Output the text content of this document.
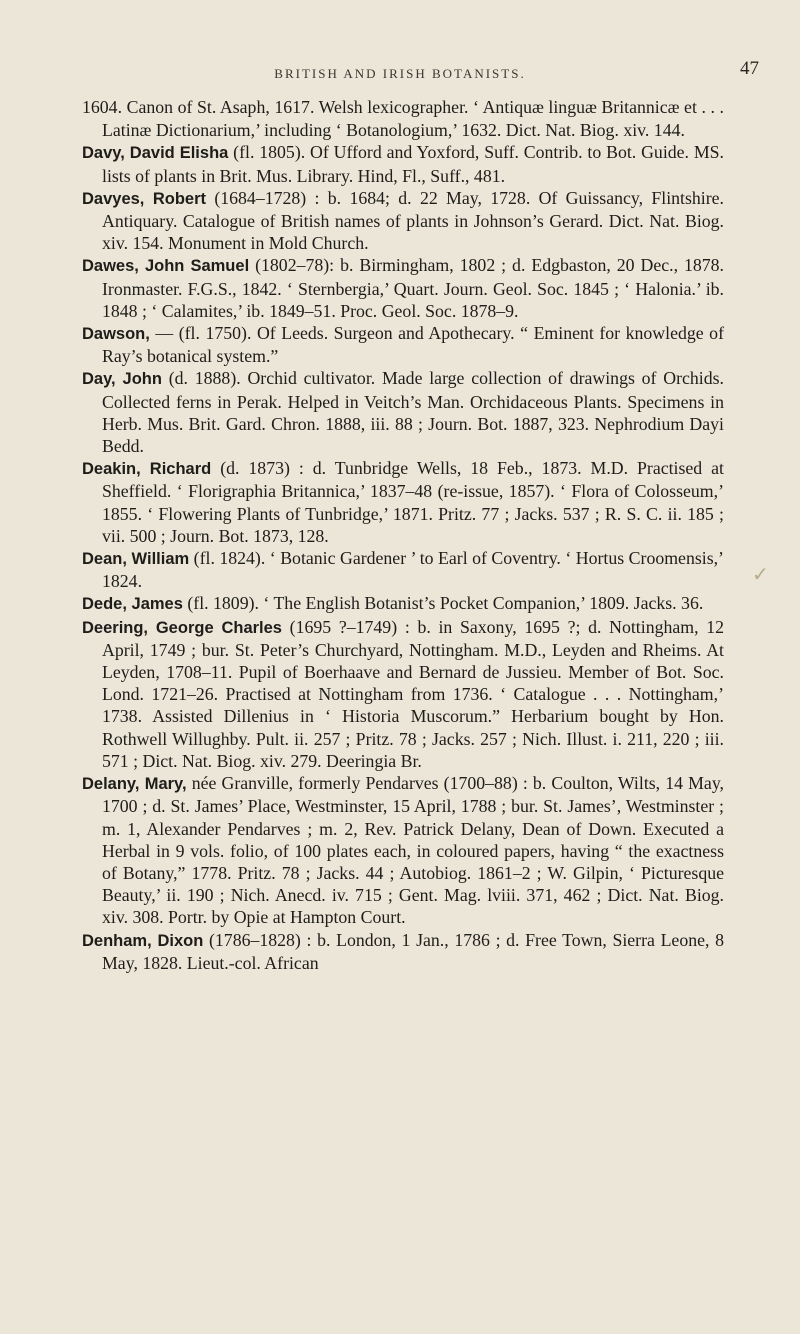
BRITISH AND IRISH BOTANISTS.	47
✓

1604. Canon of St. Asaph, 1617. Welsh lexicographer. ‘ Antiquæ linguæ Britannicæ et . . . Latinæ Dictionarium,’ including ‘ Botanologium,’ 1632. Dict. Nat. Biog. xiv. 144.

Davy, David Elisha (fl. 1805). Of Ufford and Yoxford, Suff. Contrib. to Bot. Guide. MS. lists of plants in Brit. Mus. Library. Hind, Fl., Suff., 481.

Davyes, Robert (1684–1728) : b. 1684; d. 22 May, 1728. Of Guissancy, Flintshire. Antiquary. Catalogue of British names of plants in Johnson’s Gerard. Dict. Nat. Biog. xiv. 154. Monument in Mold Church.

Dawes, John Samuel (1802–78): b. Birmingham, 1802 ; d. Edgbaston, 20 Dec., 1878. Ironmaster. F.G.S., 1842. ‘ Sternbergia,’ Quart. Journ. Geol. Soc. 1845 ; ‘ Halonia.’ ib. 1848 ; ‘ Calamites,’ ib. 1849–51. Proc. Geol. Soc. 1878–9.

Dawson, — (fl. 1750). Of Leeds. Surgeon and Apothecary. “ Eminent for knowledge of Ray’s botanical system.”

Day, John (d. 1888). Orchid cultivator. Made large collection of drawings of Orchids. Collected ferns in Perak. Helped in Veitch’s Man. Orchidaceous Plants. Specimens in Herb. Mus. Brit. Gard. Chron. 1888, iii. 88 ; Journ. Bot. 1887, 323. Nephrodium Dayi Bedd.

Deakin, Richard (d. 1873) : d. Tunbridge Wells, 18 Feb., 1873. M.D. Practised at Sheffield. ‘ Florigraphia Britannica,’ 1837–48 (re-issue, 1857). ‘ Flora of Colosseum,’ 1855. ‘ Flowering Plants of Tunbridge,’ 1871. Pritz. 77 ; Jacks. 537 ; R. S. C. ii. 185 ; vii. 500 ; Journ. Bot. 1873, 128.

Dean, William (fl. 1824). ‘ Botanic Gardener ’ to Earl of Coventry. ‘ Hortus Croomensis,’ 1824.

Dede, James (fl. 1809). ‘ The English Botanist’s Pocket Companion,’ 1809. Jacks. 36.

Deering, George Charles (1695 ?–1749) : b. in Saxony, 1695 ?; d. Nottingham, 12 April, 1749 ; bur. St. Peter’s Churchyard, Nottingham. M.D., Leyden and Rheims. At Leyden, 1708–11. Pupil of Boerhaave and Bernard de Jussieu. Member of Bot. Soc. Lond. 1721–26. Practised at Nottingham from 1736. ‘ Catalogue . . . Nottingham,’ 1738. Assisted Dillenius in ‘ Historia Muscorum.” Herbarium bought by Hon. Rothwell Willughby. Pult. ii. 257 ; Pritz. 78 ; Jacks. 257 ; Nich. Illust. i. 211, 220 ; iii. 571 ; Dict. Nat. Biog. xiv. 279. Deeringia Br.

Delany, Mary, née Granville, formerly Pendarves (1700–88) : b. Coulton, Wilts, 14 May, 1700 ; d. St. James’ Place, Westminster, 15 April, 1788 ; bur. St. James’, Westminster ; m. 1, Alexander Pendarves ; m. 2, Rev. Patrick Delany, Dean of Down. Executed a Herbal in 9 vols. folio, of 100 plates each, in coloured papers, having “ the exactness of Botany,” 1778. Pritz. 78 ; Jacks. 44 ; Autobiog. 1861–2 ; W. Gilpin, ‘ Picturesque Beauty,’ ii. 190 ; Nich. Anecd. iv. 715 ; Gent. Mag. lviii. 371, 462 ; Dict. Nat. Biog. xiv. 308. Portr. by Opie at Hampton Court.

Denham, Dixon (1786–1828) : b. London, 1 Jan., 1786 ; d. Free Town, Sierra Leone, 8 May, 1828. Lieut.-col. African
